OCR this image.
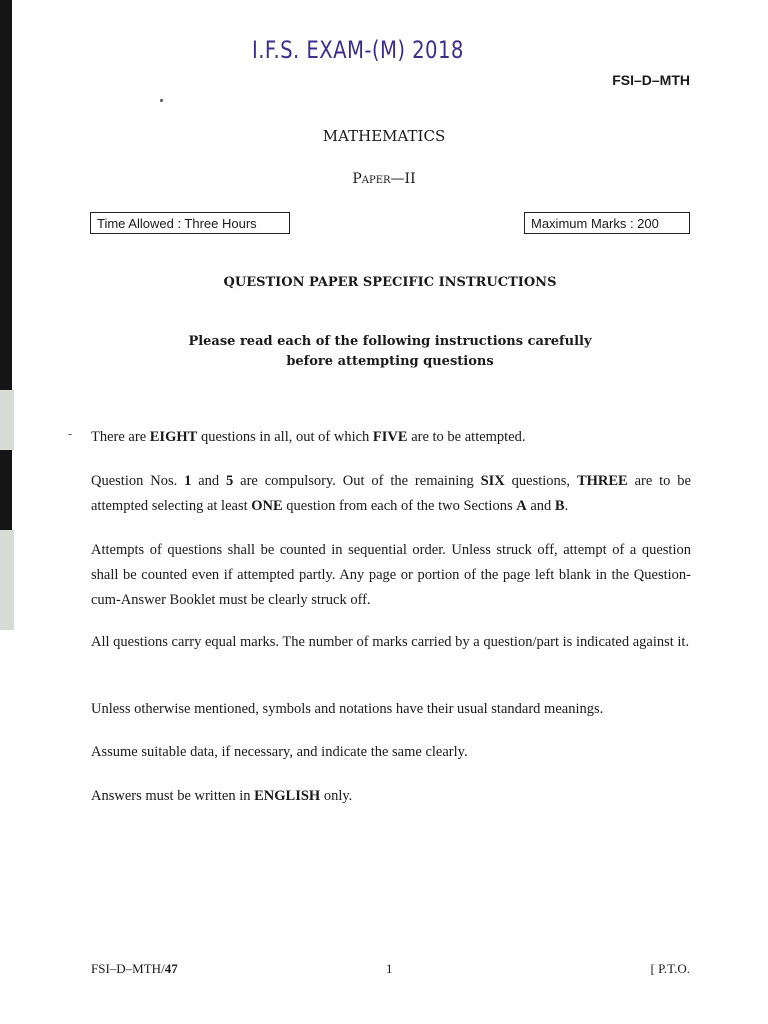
I.F.S. EXAM-(M) 2018
FSI–D–MTH
MATHEMATICS
Paper—II
Time Allowed : Three Hours	Maximum Marks : 200
QUESTION PAPER SPECIFIC INSTRUCTIONS
Please read each of the following instructions carefully
before attempting questions
There are EIGHT questions in all, out of which FIVE are to be attempted.
Question Nos. 1 and 5 are compulsory. Out of the remaining SIX questions, THREE are to be attempted selecting at least ONE question from each of the two Sections A and B.
Attempts of questions shall be counted in sequential order. Unless struck off, attempt of a question shall be counted even if attempted partly. Any page or portion of the page left blank in the Question-cum-Answer Booklet must be clearly struck off.
All questions carry equal marks. The number of marks carried by a question/part is indicated against it.
Unless otherwise mentioned, symbols and notations have their usual standard meanings.
Assume suitable data, if necessary, and indicate the same clearly.
Answers must be written in ENGLISH only.
FSI–D–MTH/47	1	[ P.T.O.
